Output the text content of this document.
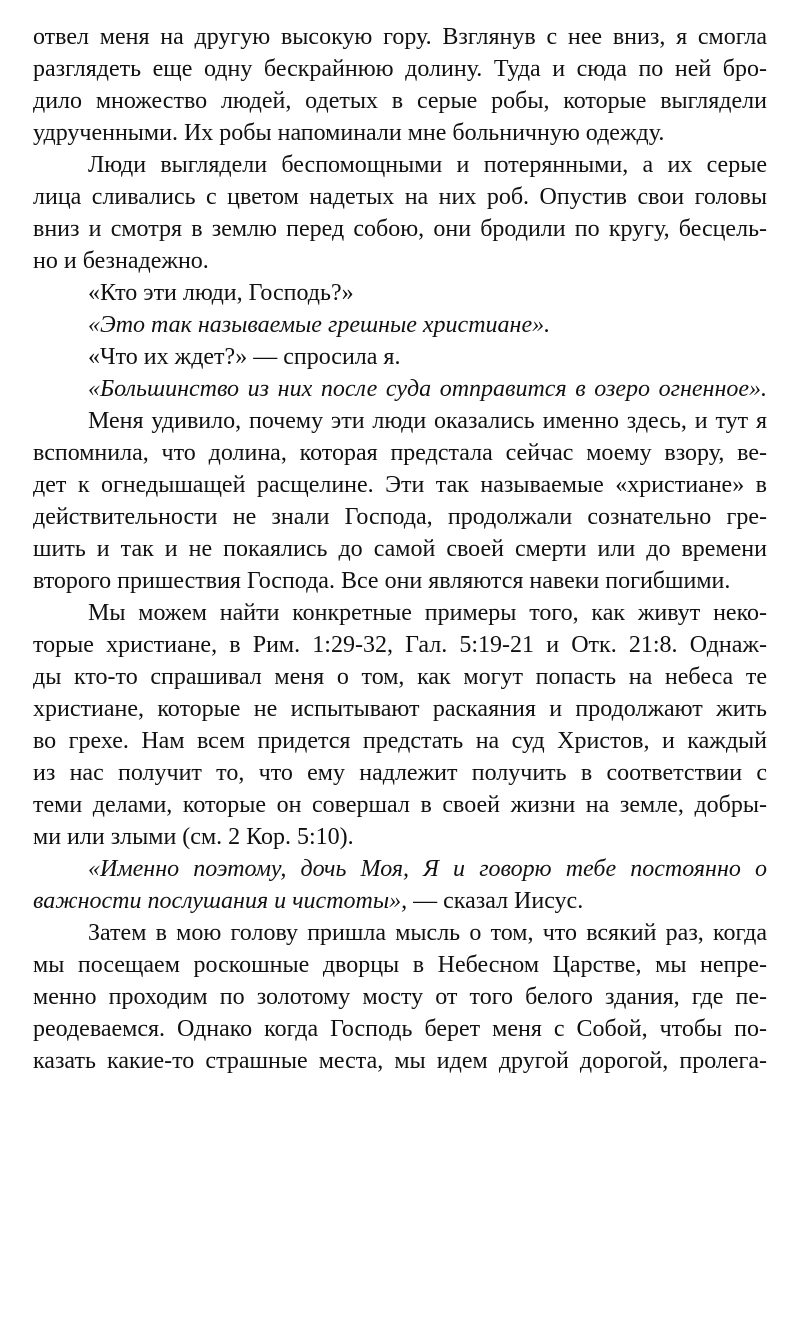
отвел меня на другую высокую гору. Взглянув с нее вниз, я смогла
разглядеть еще одну бескрайнюю долину. Туда и сюда по ней бро-
дило множество людей, одетых в серые робы, которые выглядели
удрученными. Их робы напоминали мне больничную одежду.
Люди выглядели беспомощными и потерянными, а их серые
лица сливались с цветом надетых на них роб. Опустив свои головы
вниз и смотря в землю перед собою, они бродили по кругу, бесцель-
но и безнадежно.
«Кто эти люди, Господь?»
«Это так называемые грешные христиане».
«Что их ждет?» — спросила я.
«Большинство из них после суда отправится в озеро огненное».
Меня удивило, почему эти люди оказались именно здесь, и тут я
вспомнила, что долина, которая предстала сейчас моему взору, ве-
дет к огнедышащей расщелине. Эти так называемые «христиане» в
действительности не знали Господа, продолжали сознательно гре-
шить и так и не покаялись до самой своей смерти или до времени
второго пришествия Господа. Все они являются навеки погибшими.
Мы можем найти конкретные примеры того, как живут неко-
торые христиане, в Рим. 1:29-32, Гал. 5:19-21 и Отк. 21:8. Однаж-
ды кто-то спрашивал меня о том, как могут попасть на небеса те
христиане, которые не испытывают раскаяния и продолжают жить
во грехе. Нам всем придется предстать на суд Христов, и каждый
из нас получит то, что ему надлежит получить в соответствии с
теми делами, которые он совершал в своей жизни на земле, добры-
ми или злыми (см. 2 Кор. 5:10).
«Именно поэтому, дочь Моя, Я и говорю тебе постоянно о
важности послушания и чистоты», — сказал Иисус.
Затем в мою голову пришла мысль о том, что всякий раз, когда
мы посещаем роскошные дворцы в Небесном Царстве, мы непре-
менно проходим по золотому мосту от того белого здания, где пе-
реодеваемся. Однако когда Господь берет меня с Собой, чтобы по-
казать какие-то страшные места, мы идем другой дорогой, пролега-
